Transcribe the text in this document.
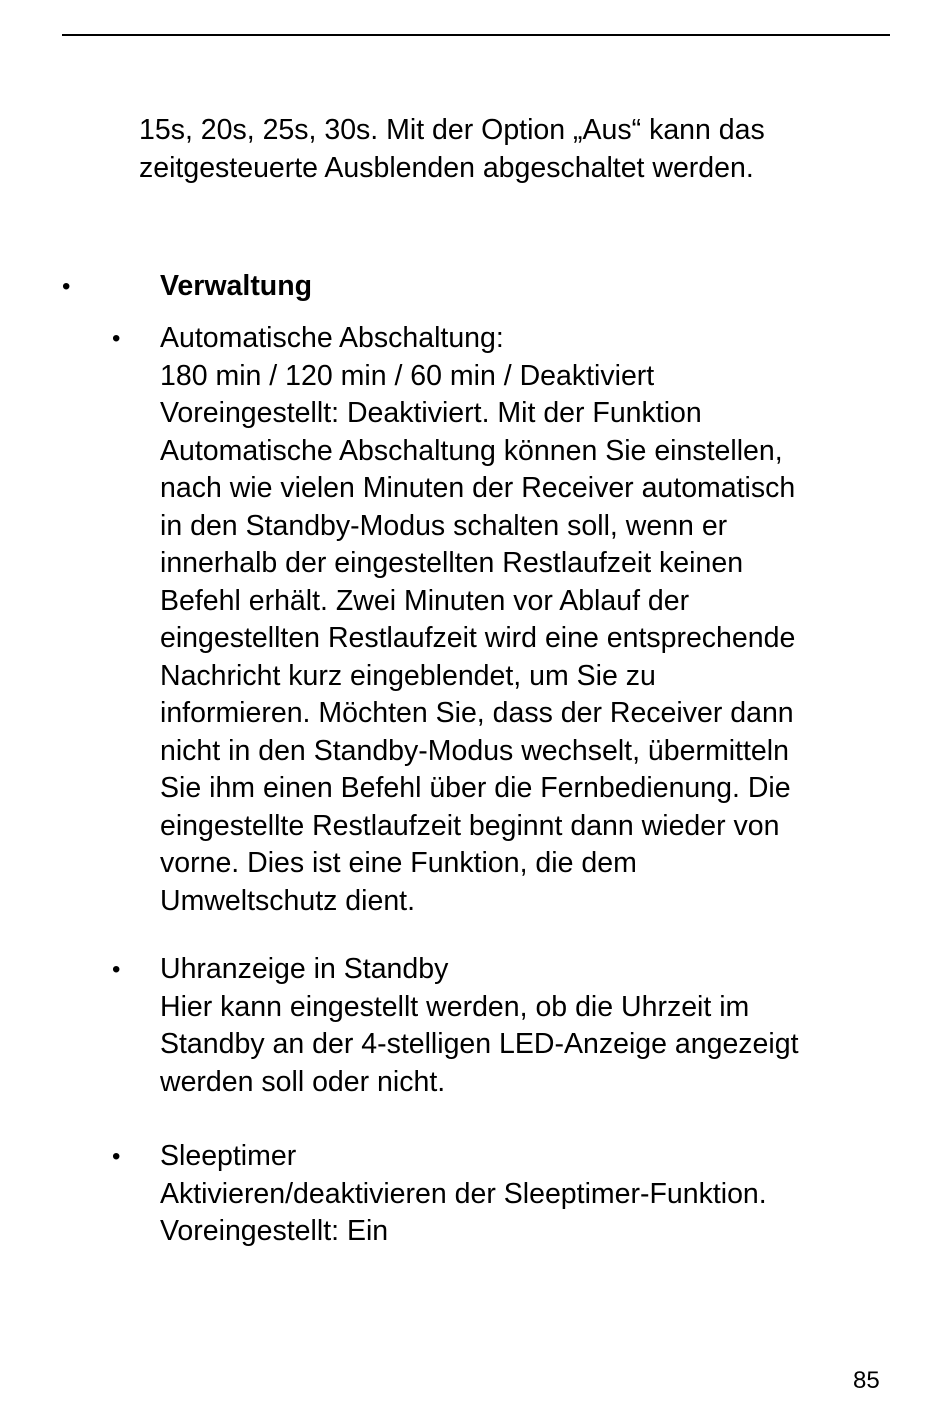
15s, 20s, 25s, 30s. Mit der Option „Aus“ kann das
zeitgesteuerte Ausblenden abgeschaltet werden.
•	Verwaltung
• Automatische Abschaltung:
180 min / 120 min / 60 min / Deaktiviert
Voreingestellt: Deaktiviert. Mit der Funktion
Automatische Abschaltung können Sie einstellen,
nach wie vielen Minuten der Receiver automatisch
in den Standby-Modus schalten soll, wenn er
innerhalb der eingestellten Restlaufzeit keinen
Befehl erhält. Zwei Minuten vor Ablauf der
eingestellten Restlaufzeit wird eine entsprechende
Nachricht kurz eingeblendet, um Sie zu
informieren. Möchten Sie, dass der Receiver dann
nicht in den Standby-Modus wechselt, übermitteln
Sie ihm einen Befehl über die Fernbedienung. Die
eingestellte Restlaufzeit beginnt dann wieder von
vorne. Dies ist eine Funktion, die dem
Umweltschutz dient.
• Uhranzeige in Standby
Hier kann eingestellt werden, ob die Uhrzeit im
Standby an der 4-stelligen LED-Anzeige angezeigt
werden soll oder nicht.
• Sleeptimer
Aktivieren/deaktivieren der Sleeptimer-Funktion.
Voreingestellt: Ein
85
